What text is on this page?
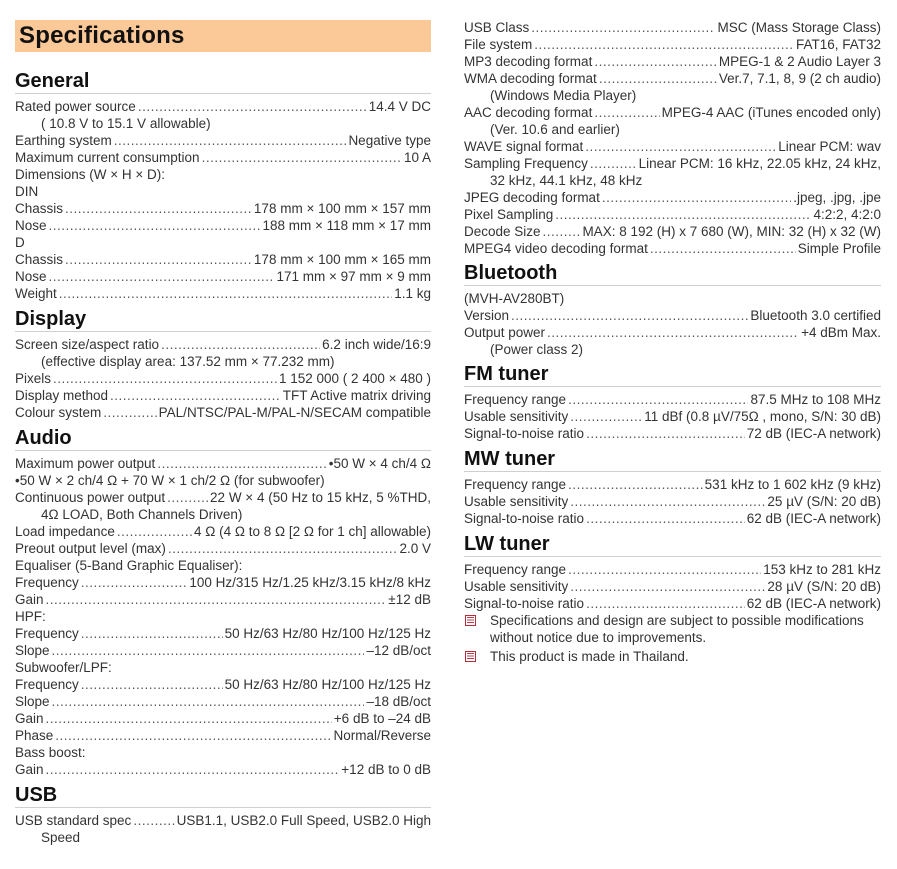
Specifications
General
Rated power source .....	14.4 V DC
( 10.8 V to 15.1 V allowable)
Earthing system .....	Negative type
Maximum current consumption .....	10 A
Dimensions (W × H × D):
DIN
Chassis .....	178 mm × 100 mm × 157 mm
Nose .....	188 mm × 118 mm × 17 mm
D
Chassis .....	178 mm × 100 mm × 165 mm
Nose .....	171 mm × 97 mm × 9 mm
Weight .....	1.1 kg
Display
Screen size/aspect ratio .....	6.2 inch wide/16:9
(effective display area: 137.52 mm × 77.232 mm)
Pixels .....	1 152 000 ( 2 400 × 480 )
Display method .....	TFT Active matrix driving
Colour system .....	PAL/NTSC/PAL-M/PAL-N/SECAM compatible
Audio
Maximum power output .....	•50 W × 4 ch/4 Ω
•50 W × 2 ch/4 Ω + 70 W × 1 ch/2 Ω (for subwoofer)
Continuous power output .....	22 W × 4 (50 Hz to 15 kHz, 5 %THD,
4Ω LOAD, Both Channels Driven)
Load impedance .....	4 Ω (4 Ω to 8 Ω [2 Ω for 1 ch] allowable)
Preout output level (max) .....	2.0 V
Equaliser (5-Band Graphic Equaliser):
Frequency .....	100 Hz/315 Hz/1.25 kHz/3.15 kHz/8 kHz
Gain .....	±12 dB
HPF:
Frequency .....	50 Hz/63 Hz/80 Hz/100 Hz/125 Hz
Slope .....	–12 dB/oct
Subwoofer/LPF:
Frequency .....	50 Hz/63 Hz/80 Hz/100 Hz/125 Hz
Slope .....	–18 dB/oct
Gain .....	+6 dB to –24 dB
Phase .....	Normal/Reverse
Bass boost:
Gain .....	+12 dB to 0 dB
USB
USB standard spec .....	USB1.1, USB2.0 Full Speed, USB2.0 High
Speed
USB Class .....	MSC (Mass Storage Class)
File system .....	FAT16, FAT32
MP3 decoding format .....	MPEG-1 & 2 Audio Layer 3
WMA decoding format .....	Ver.7, 7.1, 8, 9 (2 ch audio)
(Windows Media Player)
AAC decoding format .....	MPEG-4 AAC (iTunes encoded only)
(Ver. 10.6 and earlier)
WAVE signal format .....	Linear PCM: wav
Sampling Frequency .....	Linear PCM: 16 kHz, 22.05 kHz, 24 kHz,
32 kHz, 44.1 kHz, 48 kHz
JPEG decoding format .....	.jpeg, .jpg, .jpe
Pixel Sampling .....	4:2:2, 4:2:0
Decode Size .....	MAX: 8 192 (H) x 7 680 (W), MIN: 32 (H) x 32 (W)
MPEG4 video decoding format .....	Simple Profile
Bluetooth
(MVH-AV280BT)
Version .....	Bluetooth 3.0 certified
Output power .....	+4 dBm Max.
(Power class 2)
FM tuner
Frequency range .....	87.5 MHz to 108 MHz
Usable sensitivity .....	11 dBf (0.8 µV/75Ω , mono, S/N: 30 dB)
Signal-to-noise ratio .....	72 dB (IEC-A network)
MW tuner
Frequency range .....	531 kHz to 1 602 kHz (9 kHz)
Usable sensitivity .....	25 µV (S/N: 20 dB)
Signal-to-noise ratio .....	62 dB (IEC-A network)
LW tuner
Frequency range .....	153 kHz to 281 kHz
Usable sensitivity .....	28 µV (S/N: 20 dB)
Signal-to-noise ratio .....	62 dB (IEC-A network)
Specifications and design are subject to possible modifications without notice due to improvements.
This product is made in Thailand.
